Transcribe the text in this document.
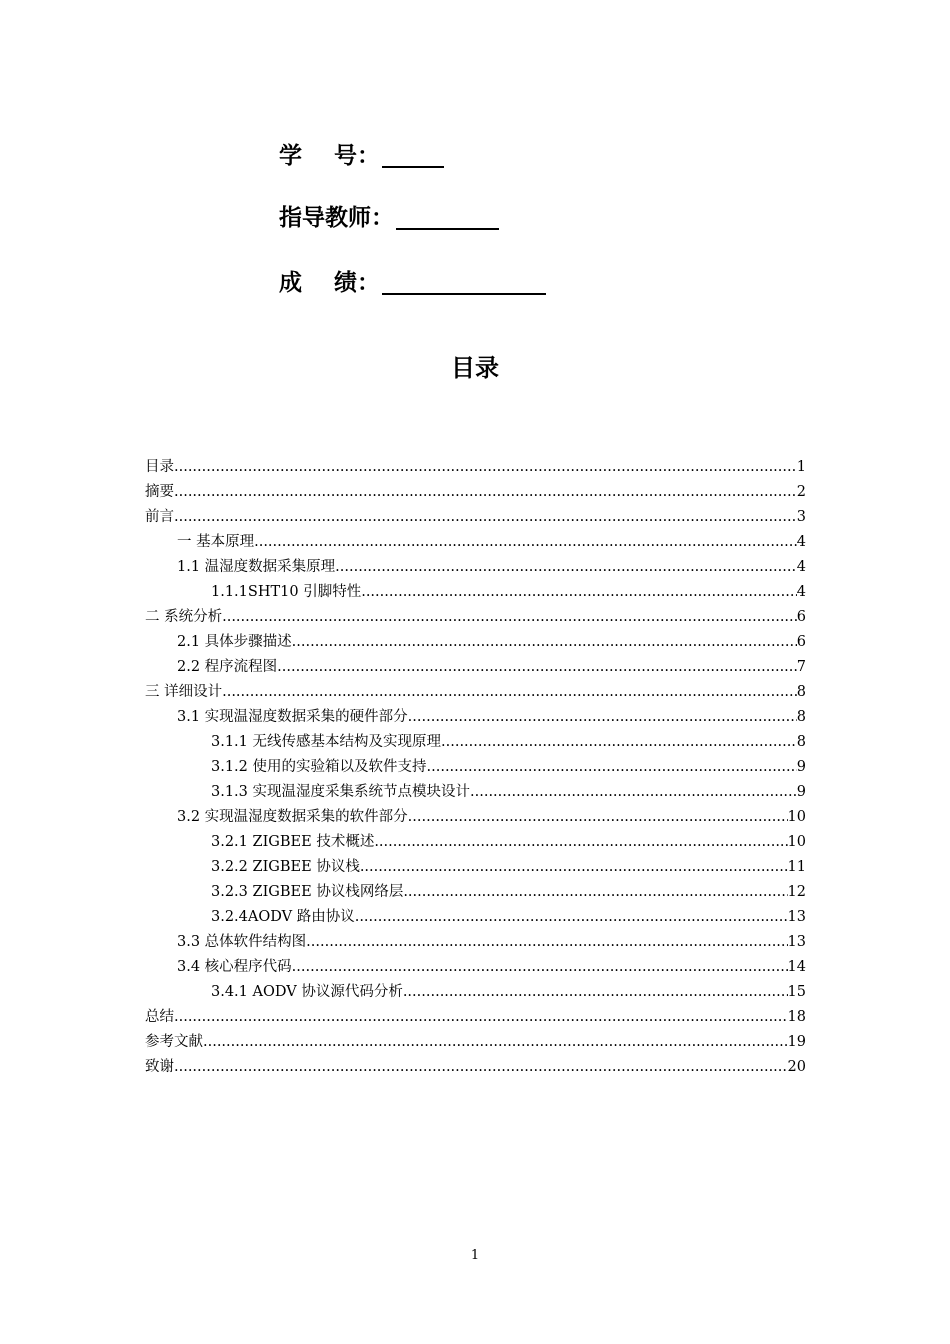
学    号：
指导教师：
成    绩：
目录
目录 .....	1
摘要 .....	2
前言 .....	3
一 基本原理 .....	4
1.1 温湿度数据采集原理 .....	4
1.1.1SHT10 引脚特性 .....	4
二 系统分析 .....	6
2.1 具体步骤描述 .....	6
2.2 程序流程图 .....	7
三 详细设计 .....	8
3.1 实现温湿度数据采集的硬件部分 .....	8
3.1.1 无线传感基本结构及实现原理 .....	8
3.1.2 使用的实验箱以及软件支持 .....	9
3.1.3 实现温湿度采集系统节点模块设计 .....	9
3.2 实现温湿度数据采集的软件部分 .....	10
3.2.1 ZIGBEE 技术概述 .....	10
3.2.2 ZIGBEE 协议栈 .....	11
3.2.3 ZIGBEE 协议栈网络层 .....	12
3.2.4AODV 路由协议 .....	13
3.3 总体软件结构图 .....	13
3.4 核心程序代码 .....	14
3.4.1 AODV 协议源代码分析 .....	15
总结 .....	18
参考文献 .....	19
致谢 .....	20
1
